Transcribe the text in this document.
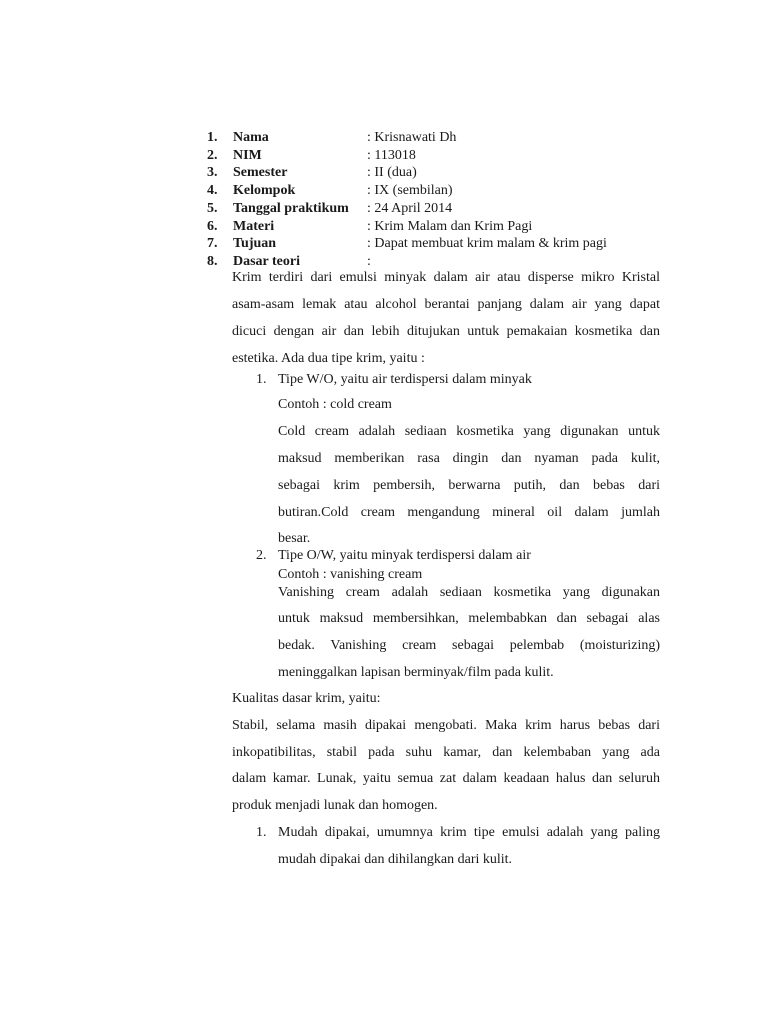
1. Nama	: Krisnawati Dh
2. NIM	: 113018
3. Semester	: II (dua)
4. Kelompok	: IX (sembilan)
5. Tanggal praktikum : 24 April 2014
6. Materi	: Krim Malam dan Krim Pagi
7. Tujuan	: Dapat membuat krim malam & krim pagi
8. Dasar teori	:
Krim terdiri dari emulsi minyak dalam air atau disperse mikro Kristal
asam-asam lemak atau alcohol berantai panjang dalam air yang dapat
dicuci dengan air dan lebih ditujukan untuk pemakaian kosmetika dan
estetika. Ada dua tipe krim, yaitu :
1. Tipe W/O, yaitu air terdispersi dalam minyak
Contoh : cold cream
Cold cream adalah sediaan kosmetika yang digunakan untuk
maksud memberikan rasa dingin dan nyaman pada kulit,
sebagai krim pembersih, berwarna putih, dan bebas dari
butiran.Cold cream mengandung mineral oil dalam jumlah
besar.
2. Tipe O/W, yaitu minyak terdispersi dalam air
Contoh : vanishing cream
Vanishing cream adalah sediaan kosmetika yang digunakan
untuk maksud membersihkan, melembabkan dan sebagai alas
bedak. Vanishing cream sebagai pelembab (moisturizing)
meninggalkan lapisan berminyak/film pada kulit.
Kualitas dasar krim, yaitu:
Stabil, selama masih dipakai mengobati. Maka krim harus bebas dari
inkopatibilitas, stabil pada suhu kamar, dan kelembaban yang ada
dalam kamar. Lunak, yaitu semua zat dalam keadaan halus dan seluruh
produk menjadi lunak dan homogen.
1. Mudah dipakai, umumnya krim tipe emulsi adalah yang paling
mudah dipakai dan dihilangkan dari kulit.
